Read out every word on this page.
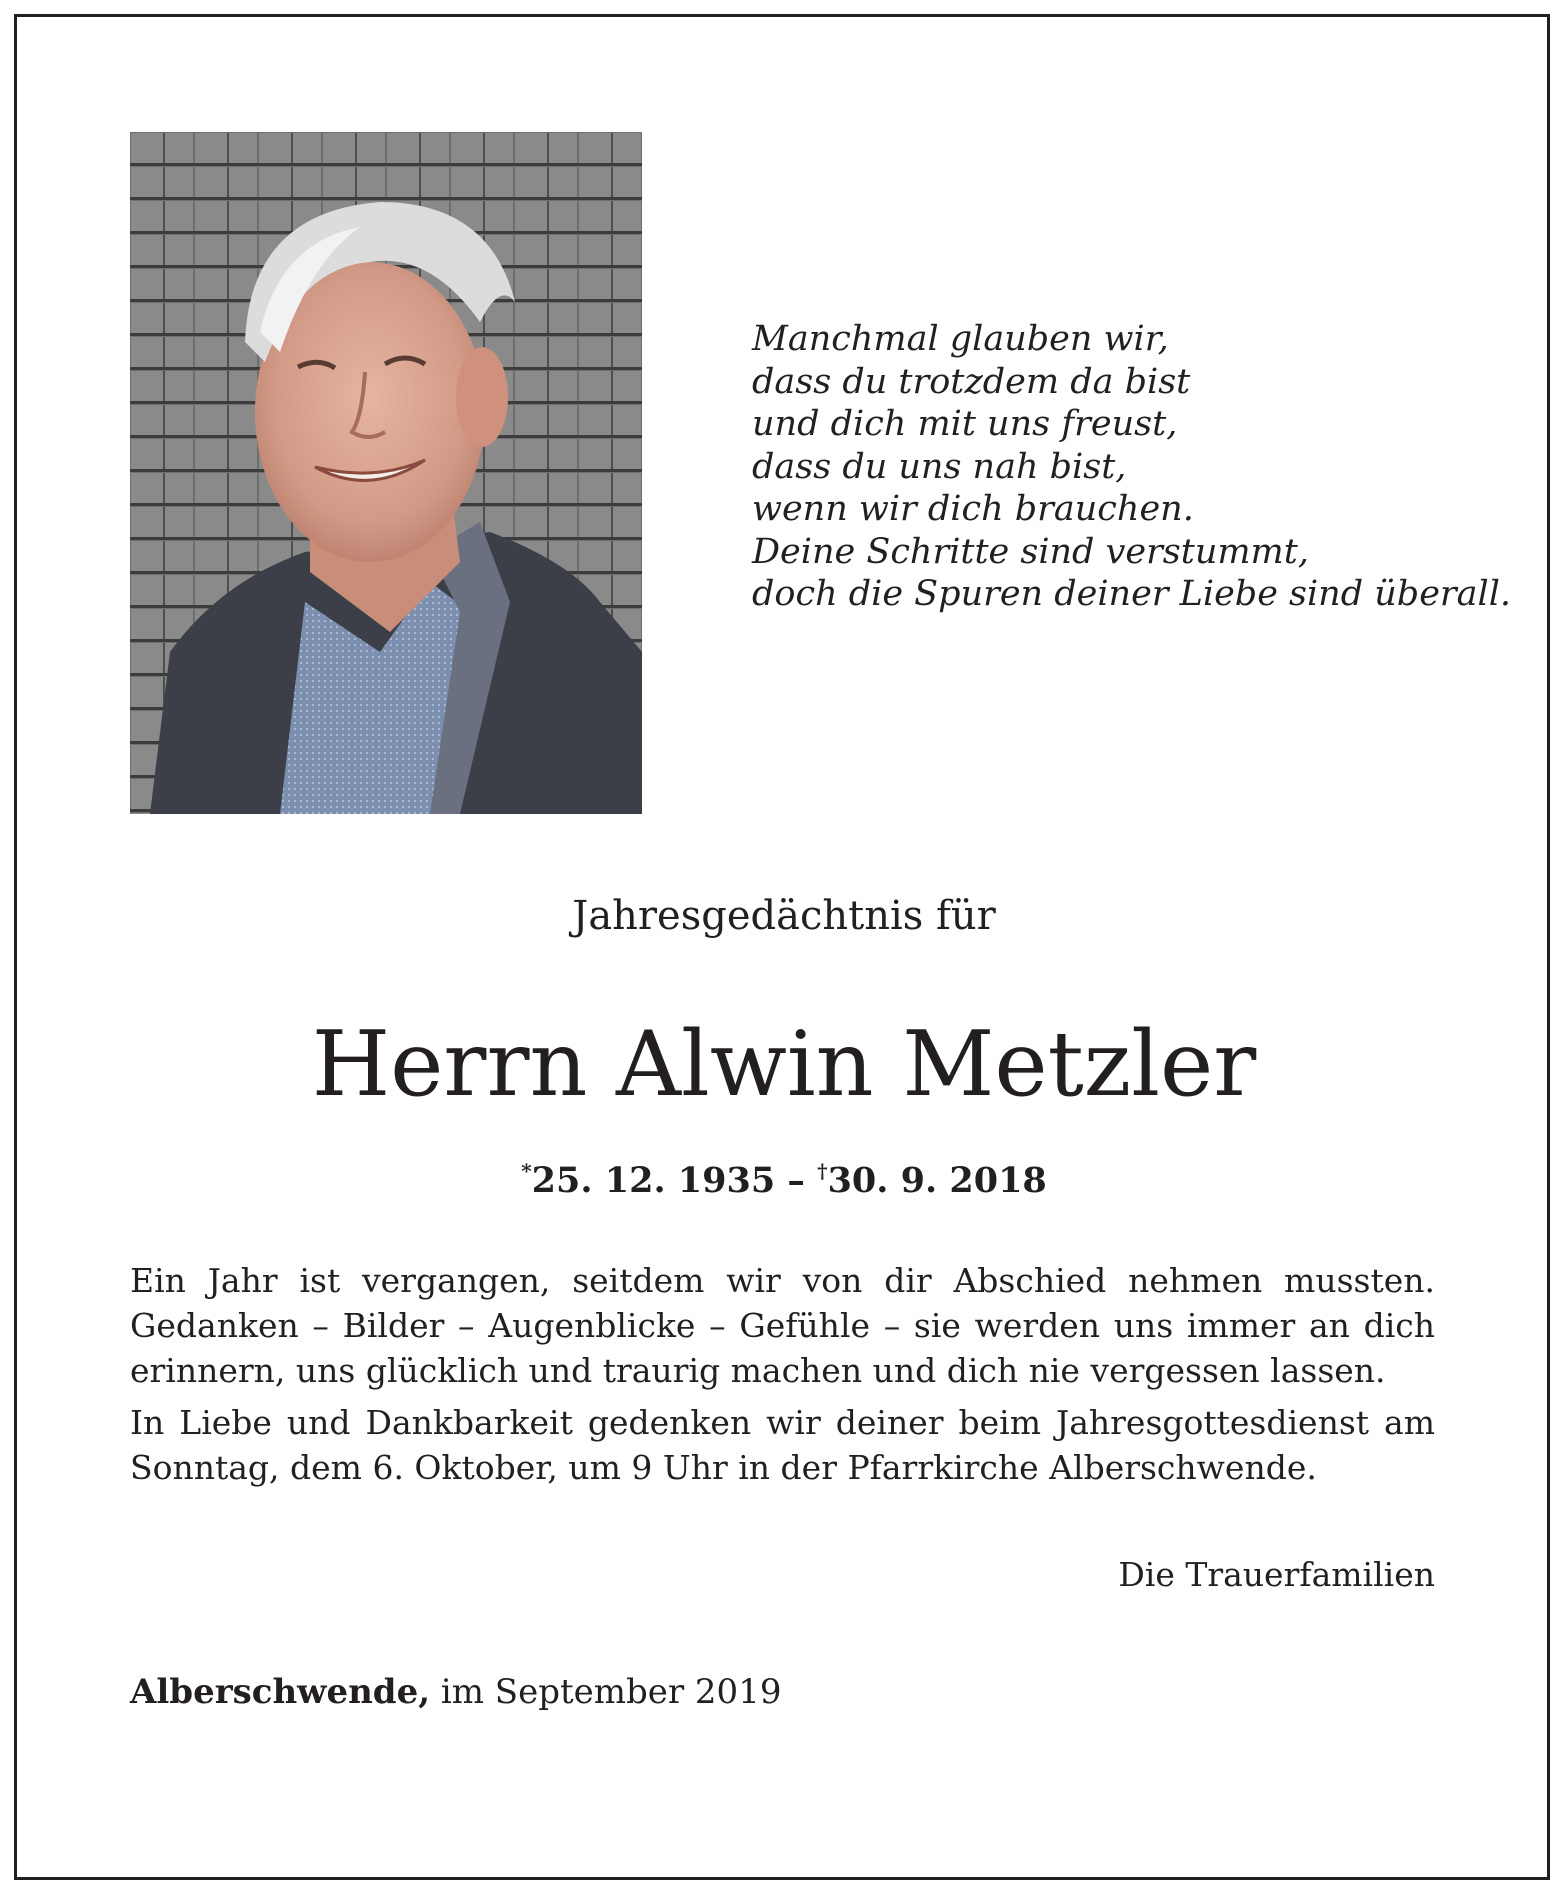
Manchmal glauben wir,
dass du trotzdem da bist
und dich mit uns freust,
dass du uns nah bist,
wenn wir dich brauchen.
Deine Schritte sind verstummt,
doch die Spuren deiner Liebe sind überall.
Jahresgedächtnis für
Herrn Alwin Metzler
*25. 12. 1935 – †30. 9. 2018
Ein Jahr ist vergangen, seitdem wir von dir Abschied nehmen mussten. Gedanken – Bilder – Augenblicke – Gefühle – sie werden uns immer an dich erinnern, uns glücklich und traurig machen und dich nie vergessen lassen.
In Liebe und Dankbarkeit gedenken wir deiner beim Jahresgottesdienst am Sonntag, dem 6. Oktober, um 9 Uhr in der Pfarrkirche Alberschwende.
Die Trauerfamilien
Alberschwende, im September 2019
